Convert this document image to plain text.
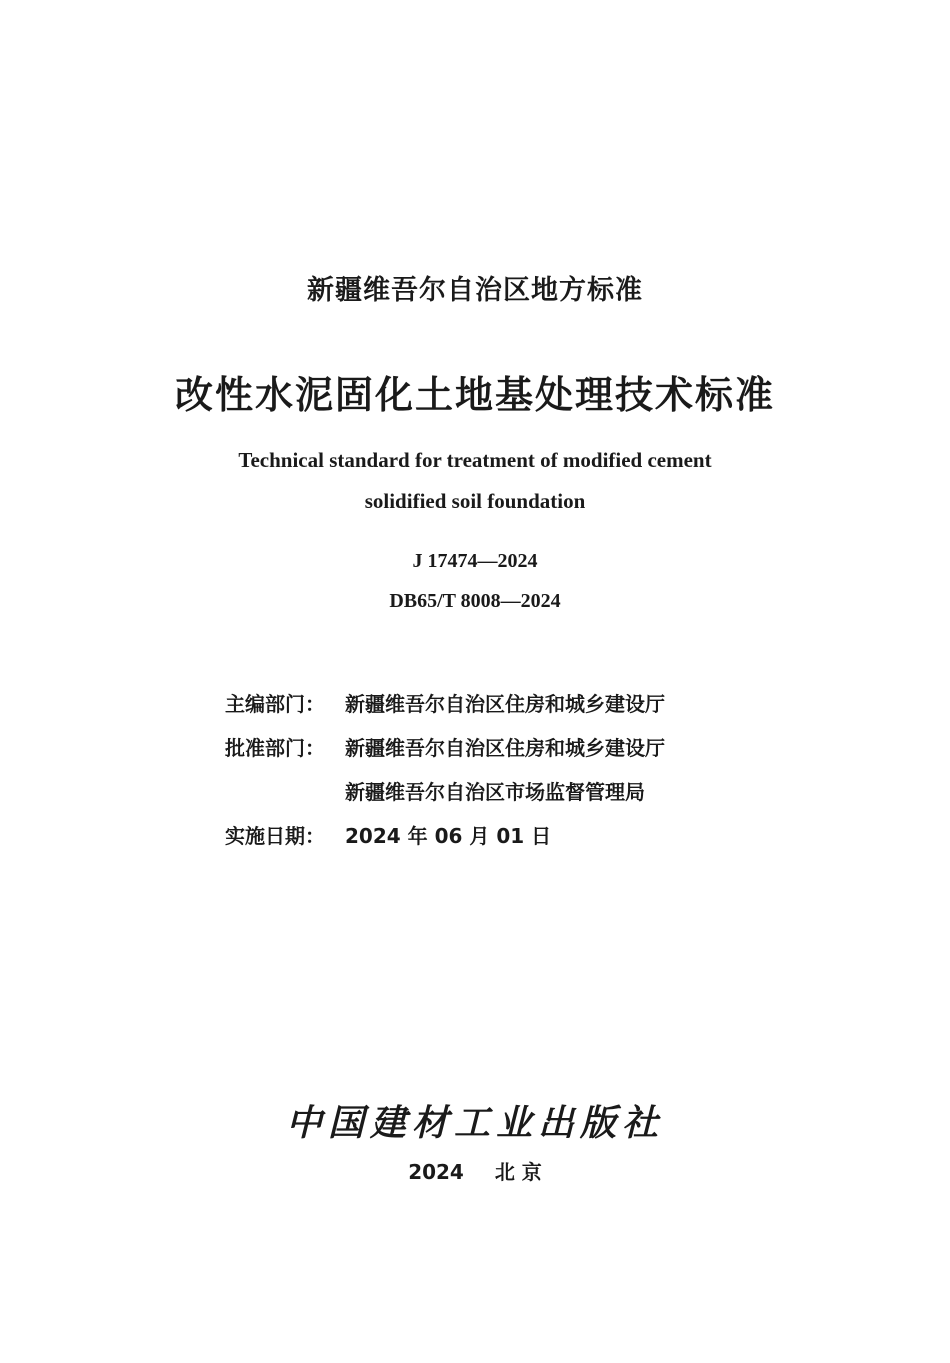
新疆维吾尔自治区地方标准
改性水泥固化土地基处理技术标准
Technical standard for treatment of modified cement
solidified soil foundation
J 17474—2024
DB65/T 8008—2024
主编部门：	新疆维吾尔自治区住房和城乡建设厅
批准部门：	新疆维吾尔自治区住房和城乡建设厅
新疆维吾尔自治区市场监督管理局
实施日期：	2024 年 06 月 01 日
中国建材工业出版社
2024 北 京
